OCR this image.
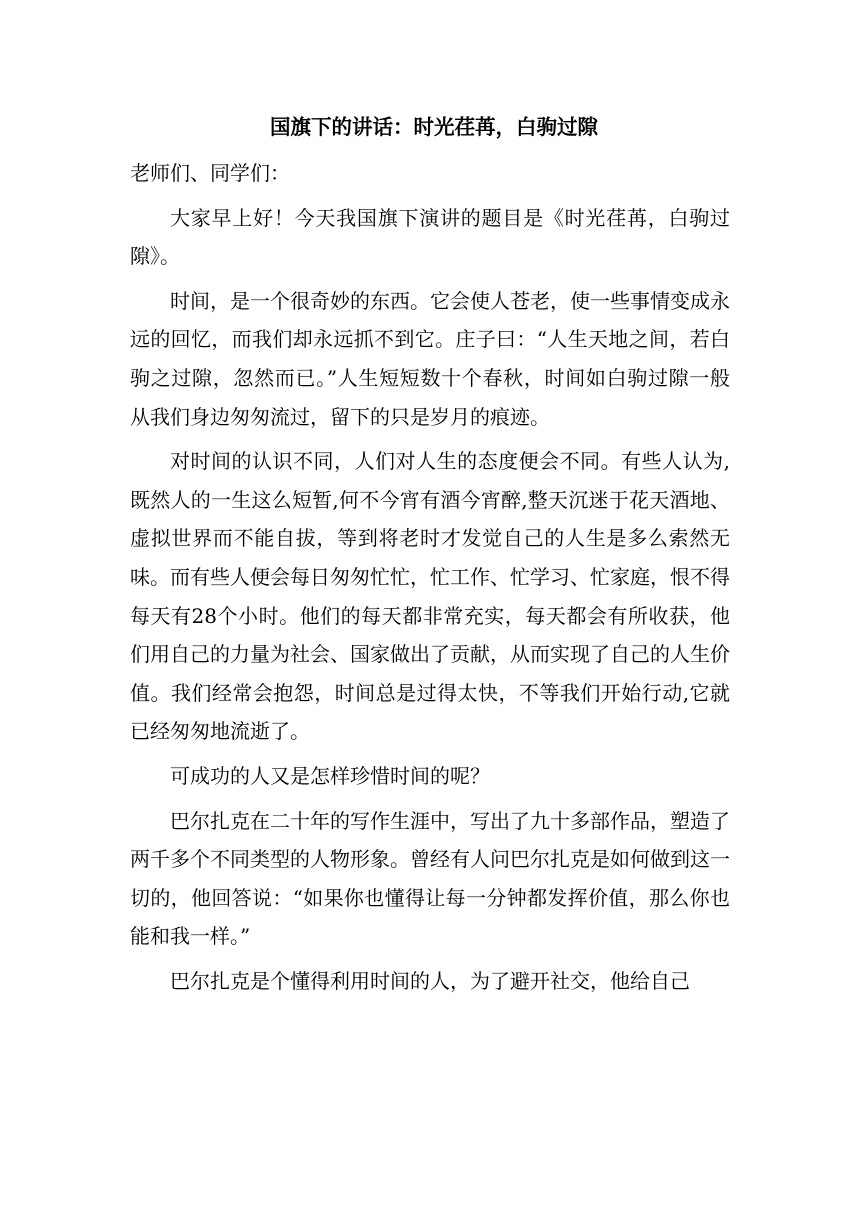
国旗下的讲话：时光荏苒，白驹过隙

老师们、同学们：

大家早上好！今天我国旗下演讲的题目是《时光荏苒，白驹过隙》。

时间，是一个很奇妙的东西。它会使人苍老，使一些事情变成永远的回忆，而我们却永远抓不到它。庄子曰：“人生天地之间，若白驹之过隙，忽然而已。”人生短短数十个春秋，时间如白驹过隙一般从我们身边匆匆流过，留下的只是岁月的痕迹。

对时间的认识不同，人们对人生的态度便会不同。有些人认为,既然人的一生这么短暂,何不今宵有酒今宵醉,整天沉迷于花天酒地、虚拟世界而不能自拔，等到将老时才发觉自己的人生是多么索然无味。而有些人便会每日匆匆忙忙，忙工作、忙学习、忙家庭，恨不得每天有28个小时。他们的每天都非常充实，每天都会有所收获，他们用自己的力量为社会、国家做出了贡献，从而实现了自己的人生价值。我们经常会抱怨，时间总是过得太快，不等我们开始行动,它就已经匆匆地流逝了。

可成功的人又是怎样珍惜时间的呢？

巴尔扎克在二十年的写作生涯中，写出了九十多部作品，塑造了两千多个不同类型的人物形象。曾经有人问巴尔扎克是如何做到这一切的，他回答说：“如果你也懂得让每一分钟都发挥价值，那么你也能和我一样。”

巴尔扎克是个懂得利用时间的人，为了避开社交，他给自己
